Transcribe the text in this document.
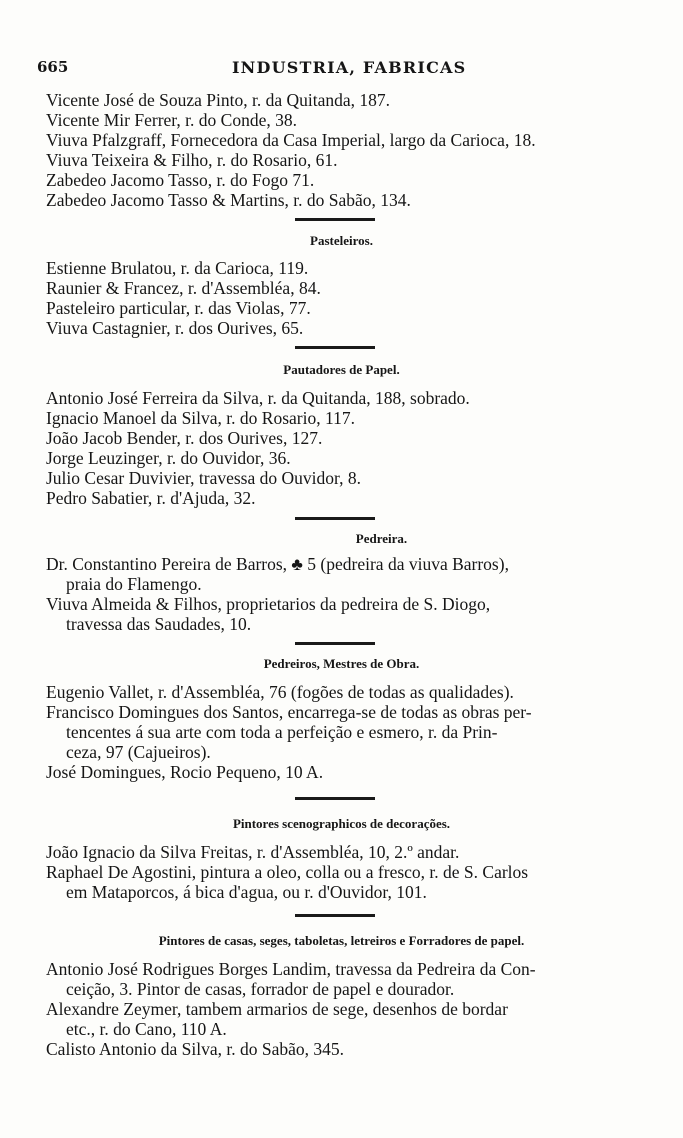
665	INDUSTRIA, FABRICAS
Vicente José de Souza Pinto, r. da Quitanda, 187.
Vicente Mir Ferrer, r. do Conde, 38.
Viuva Pfalzgraff, Fornecedora da Casa Imperial, largo da Carioca, 18.
Viuva Teixeira & Filho, r. do Rosario, 61.
Zabedeo Jacomo Tasso, r. do Fogo 71.
Zabedeo Jacomo Tasso & Martins, r. do Sabão, 134.
Pasteleiros.
Estienne Brulatou, r. da Carioca, 119.
Raunier & Francez, r. d'Assembléa, 84.
Pasteleiro particular, r. das Violas, 77.
Viuva Castagnier, r. dos Ourives, 65.
Pautadores de Papel.
Antonio José Ferreira da Silva, r. da Quitanda, 188, sobrado.
Ignacio Manoel da Silva, r. do Rosario, 117.
João Jacob Bender, r. dos Ourives, 127.
Jorge Leuzinger, r. do Ouvidor, 36.
Julio Cesar Duvivier, travessa do Ouvidor, 8.
Pedro Sabatier, r. d'Ajuda, 32.
Pedreira.
Dr. Constantino Pereira de Barros, ♣ 5 (pedreira da viuva Barros),
praia do Flamengo.
Viuva Almeida & Filhos, proprietarios da pedreira de S. Diogo,
travessa das Saudades, 10.
Pedreiros, Mestres de Obra.
Eugenio Vallet, r. d'Assembléa, 76 (fogões de todas as qualidades).
Francisco Domingues dos Santos, encarrega-se de todas as obras per-
tencentes á sua arte com toda a perfeição e esmero, r. da Prin-
ceza, 97 (Cajueiros).
José Domingues, Rocio Pequeno, 10 A.
Pintores scenographicos de decorações.
João Ignacio da Silva Freitas, r. d'Assembléa, 10, 2.º andar.
Raphael De Agostini, pintura a oleo, colla ou a fresco, r. de S. Carlos
em Mataporcos, á bica d'agua, ou r. d'Ouvidor, 101.
Pintores de casas, seges, taboletas, letreiros e Forradores de papel.
Antonio José Rodrigues Borges Landim, travessa da Pedreira da Con-
ceição, 3. Pintor de casas, forrador de papel e dourador.
Alexandre Zeymer, tambem armarios de sege, desenhos de bordar
etc., r. do Cano, 110 A.
Calisto Antonio da Silva, r. do Sabão, 345.
